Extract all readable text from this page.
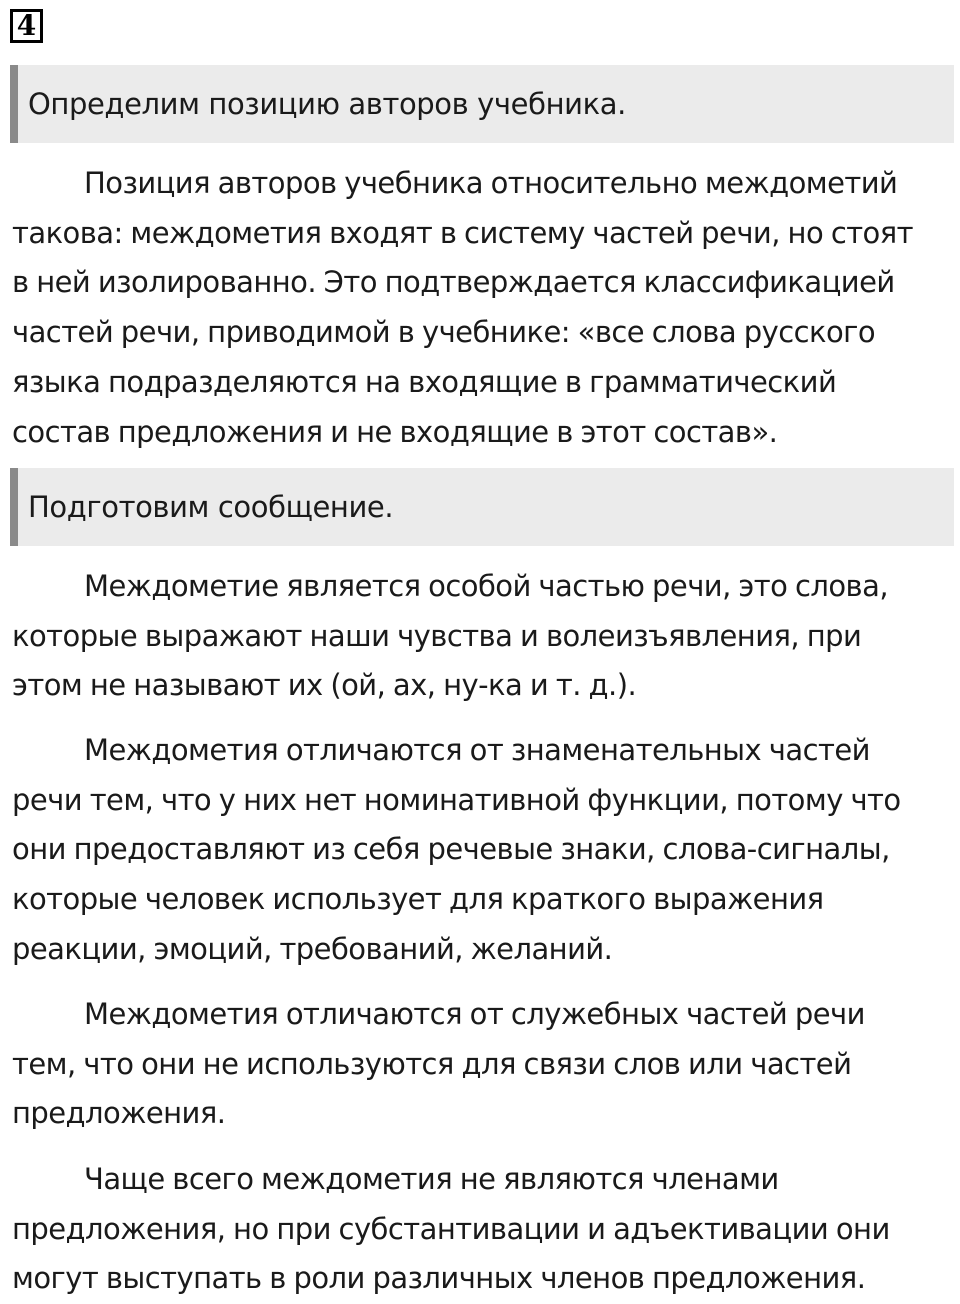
4
Определим позицию авторов учебника.
Позиция авторов учебника относительно междометий
такова: междометия входят в систему частей речи, но стоят
в ней изолированно. Это подтверждается классификацией
частей речи, приводимой в учебнике: «все слова русского
языка подразделяются на входящие в грамматический
состав предложения и не входящие в этот состав».
Подготовим сообщение.
Междометие является особой частью речи, это слова,
которые выражают наши чувства и волеизъявления, при
этом не называют их (ой, ах, ну-ка и т. д.).
Междометия отличаются от знаменательных частей
речи тем, что у них нет номинативной функции, потому что
они предоставляют из себя речевые знаки, слова-сигналы,
которые человек использует для краткого выражения
реакции, эмоций, требований, желаний.
Междометия отличаются от служебных частей речи
тем, что они не используются для связи слов или частей
предложения.
Чаще всего междометия не являются членами
предложения, но при субстантивации и адъективации они
могут выступать в роли различных членов предложения.
